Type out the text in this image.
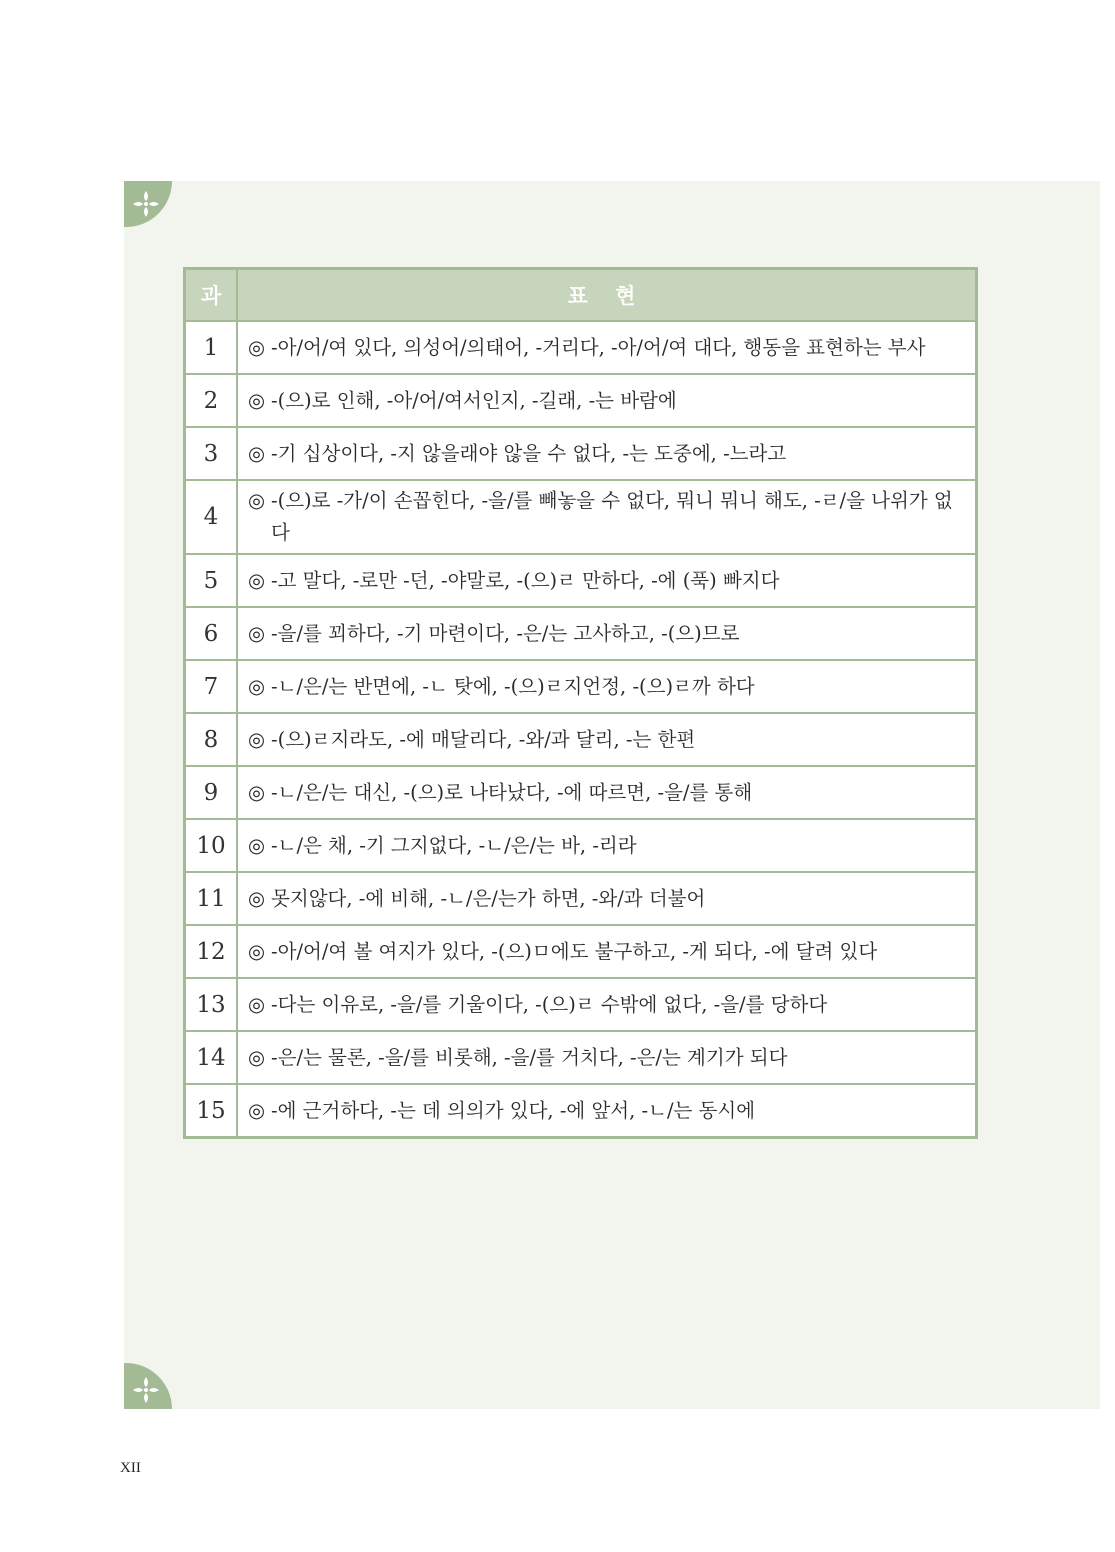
과	표 현
1	◎ -아/어/여 있다, 의성어/의태어, -거리다, -아/어/여 대다, 행동을 표현하는 부사

2	◎ -(으)로 인해, -아/어/여서인지, -길래, -는 바람에

3	◎ -기 십상이다, -지 않을래야 않을 수 없다, -는 도중에, -느라고

4	◎ -(으)로 -가/이 손꼽힌다, -을/를 빼놓을 수 없다, 뭐니 뭐니 해도, -ㄹ/을 나위가 없다

5	◎ -고 말다, -로만 -던, -야말로, -(으)ㄹ 만하다, -에 (푹) 빠지다

6	◎ -을/를 꾀하다, -기 마련이다, -은/는 고사하고, -(으)므로

7	◎ -ㄴ/은/는 반면에, -ㄴ 탓에, -(으)ㄹ지언정, -(으)ㄹ까 하다

8	◎ -(으)ㄹ지라도, -에 매달리다, -와/과 달리, -는 한편

9	◎ -ㄴ/은/는 대신, -(으)로 나타났다, -에 따르면, -을/를 통해

10	◎ -ㄴ/은 채, -기 그지없다, -ㄴ/은/는 바, -리라

11	◎ 못지않다, -에 비해, -ㄴ/은/는가 하면, -와/과 더불어

12	◎ -아/어/여 볼 여지가 있다, -(으)ㅁ에도 불구하고, -게 되다, -에 달려 있다

13	◎ -다는 이유로, -을/를 기울이다, -(으)ㄹ 수밖에 없다, -을/를 당하다

14	◎ -은/는 물론, -을/를 비롯해, -을/를 거치다, -은/는 계기가 되다

15	◎ -에 근거하다, -는 데 의의가 있다, -에 앞서, -ㄴ/는 동시에
XII
